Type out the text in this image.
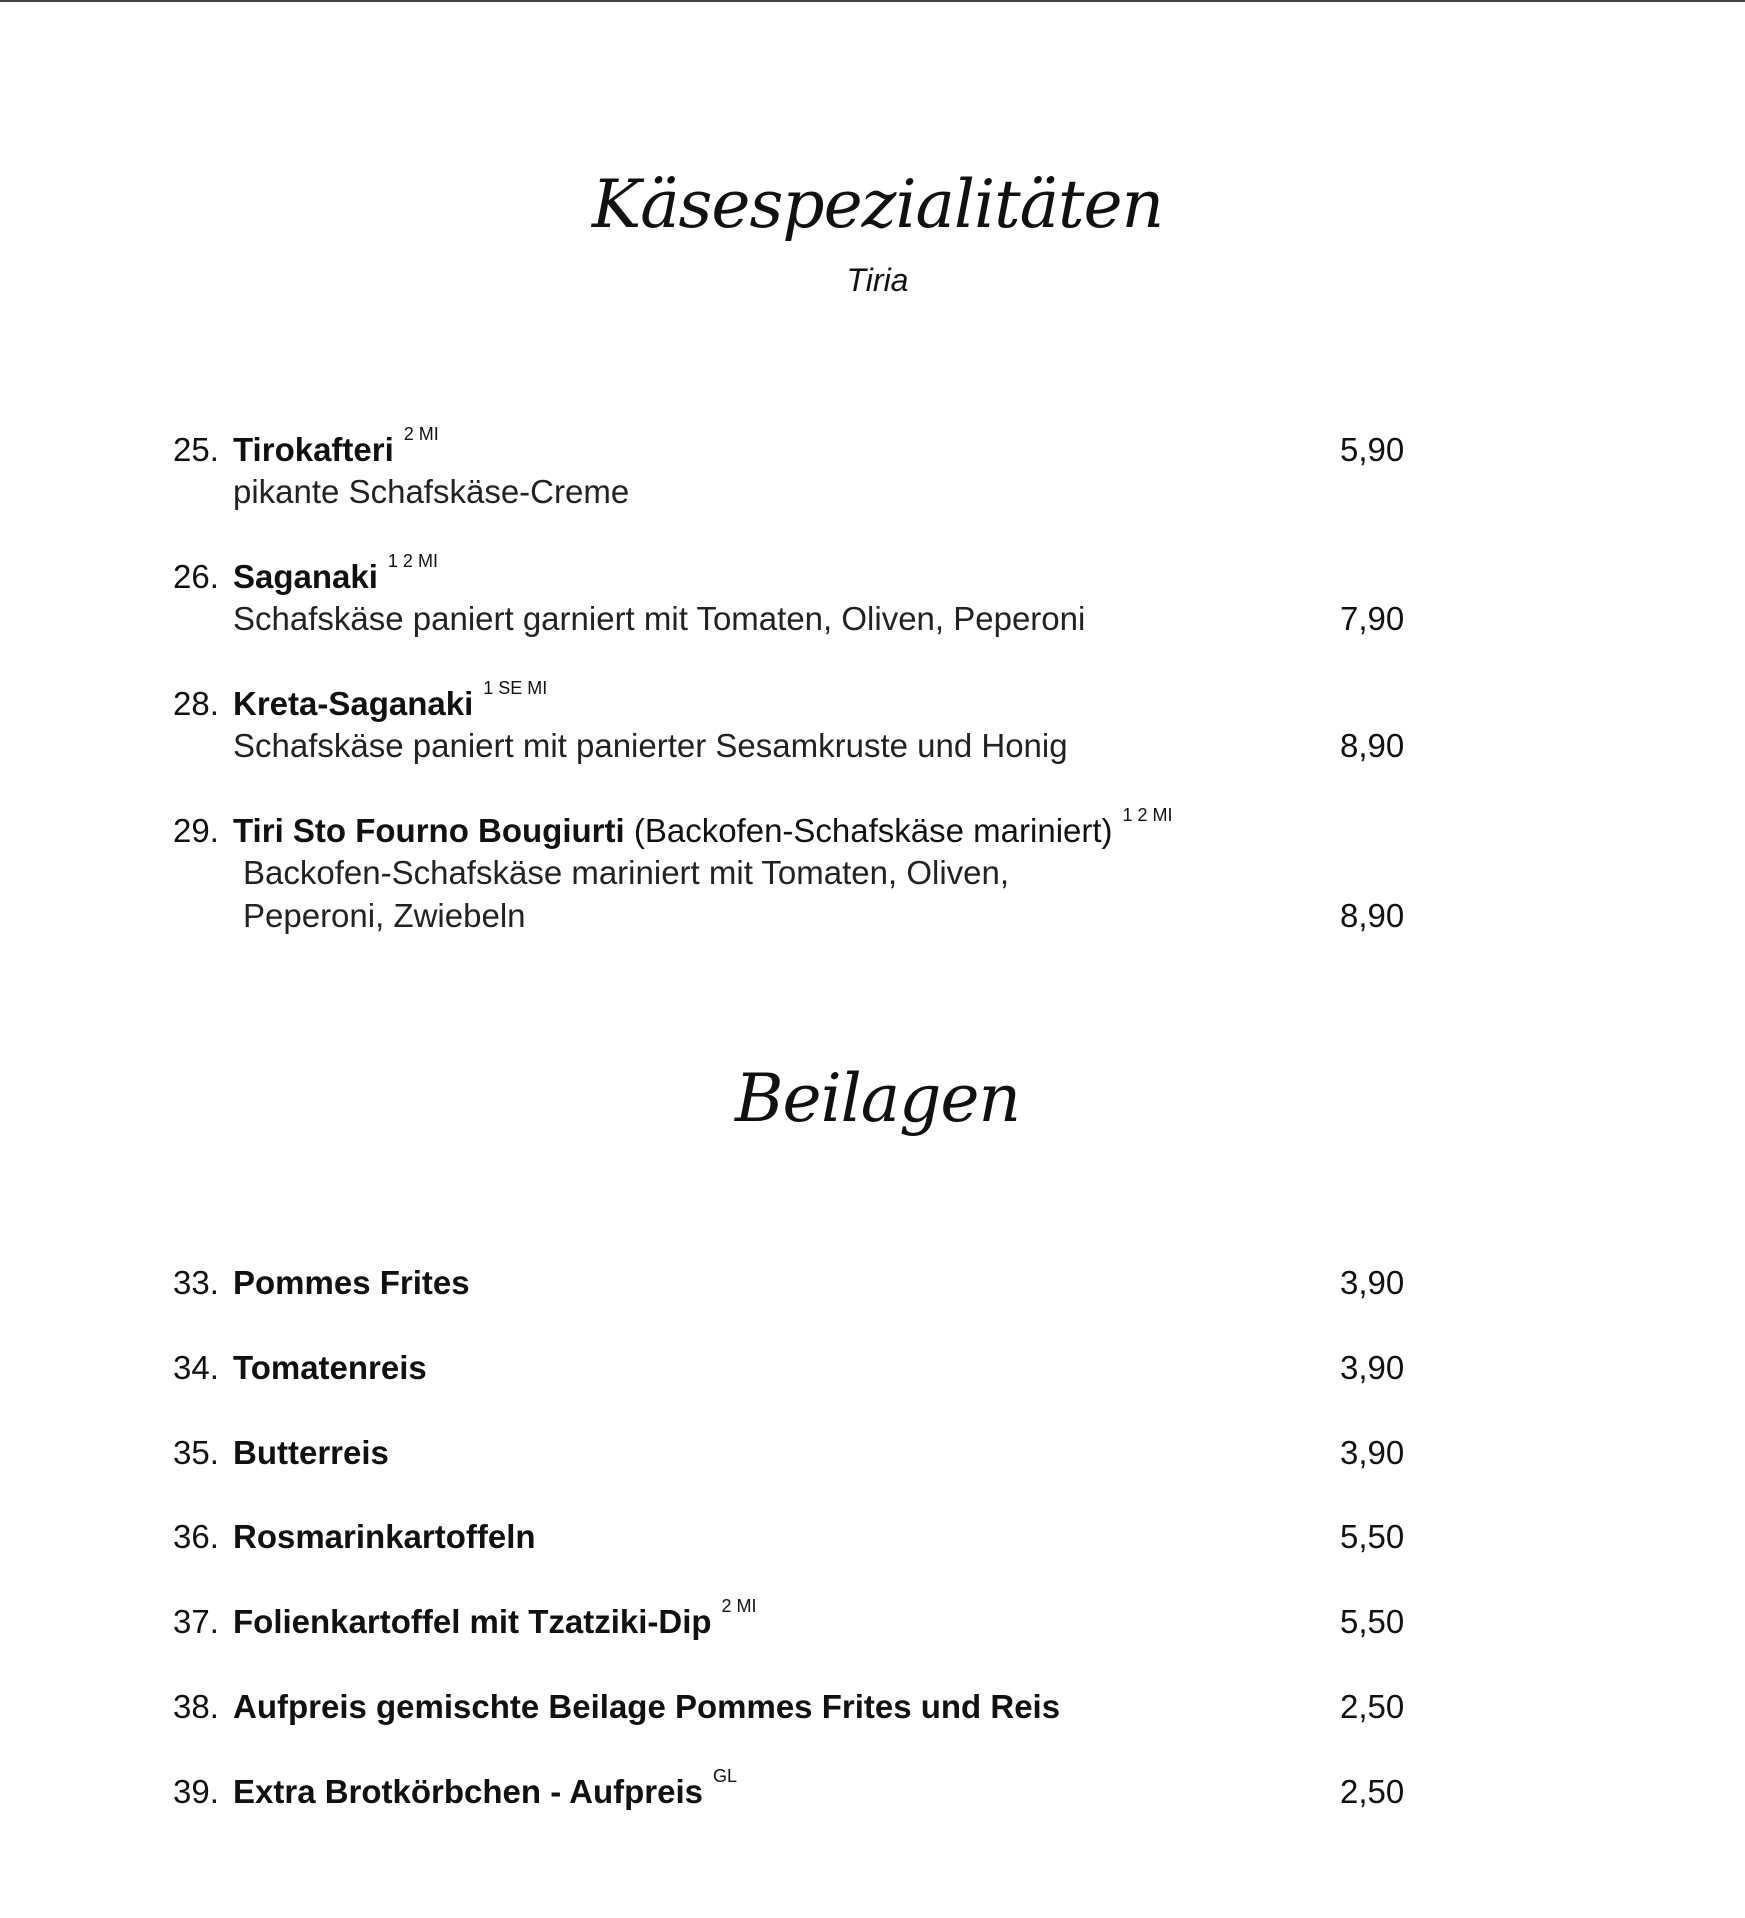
Käsespezialitäten
Tiria
25. Tirokafteri $^{2 MI}$	5,90
pikante Schafskäse-Creme
26. Saganaki $^{1 2 MI}$
Schafskäse paniert garniert mit Tomaten, Oliven, Peperoni	7,90
28. Kreta-Saganaki $^{1 SE MI}$
Schafskäse paniert mit panierter Sesamkruste und Honig	8,90
29. Tiri Sto Fourno Bougiurti (Backofen-Schafskäse mariniert) $^{1 2 MI}$
Backofen-Schafskäse mariniert mit Tomaten, Oliven,
Peperoni, Zwiebeln	8,90
Beilagen
33. Pommes Frites	3,90
34. Tomatenreis	3,90
35. Butterreis	3,90
36. Rosmarinkartoffeln	5,50
37. Folienkartoffel mit Tzatziki-Dip $^{2 MI}$	5,50
38. Aufpreis gemischte Beilage Pommes Frites und Reis	2,50
39. Extra Brotkörbchen - Aufpreis $^{GL}$	2,50
